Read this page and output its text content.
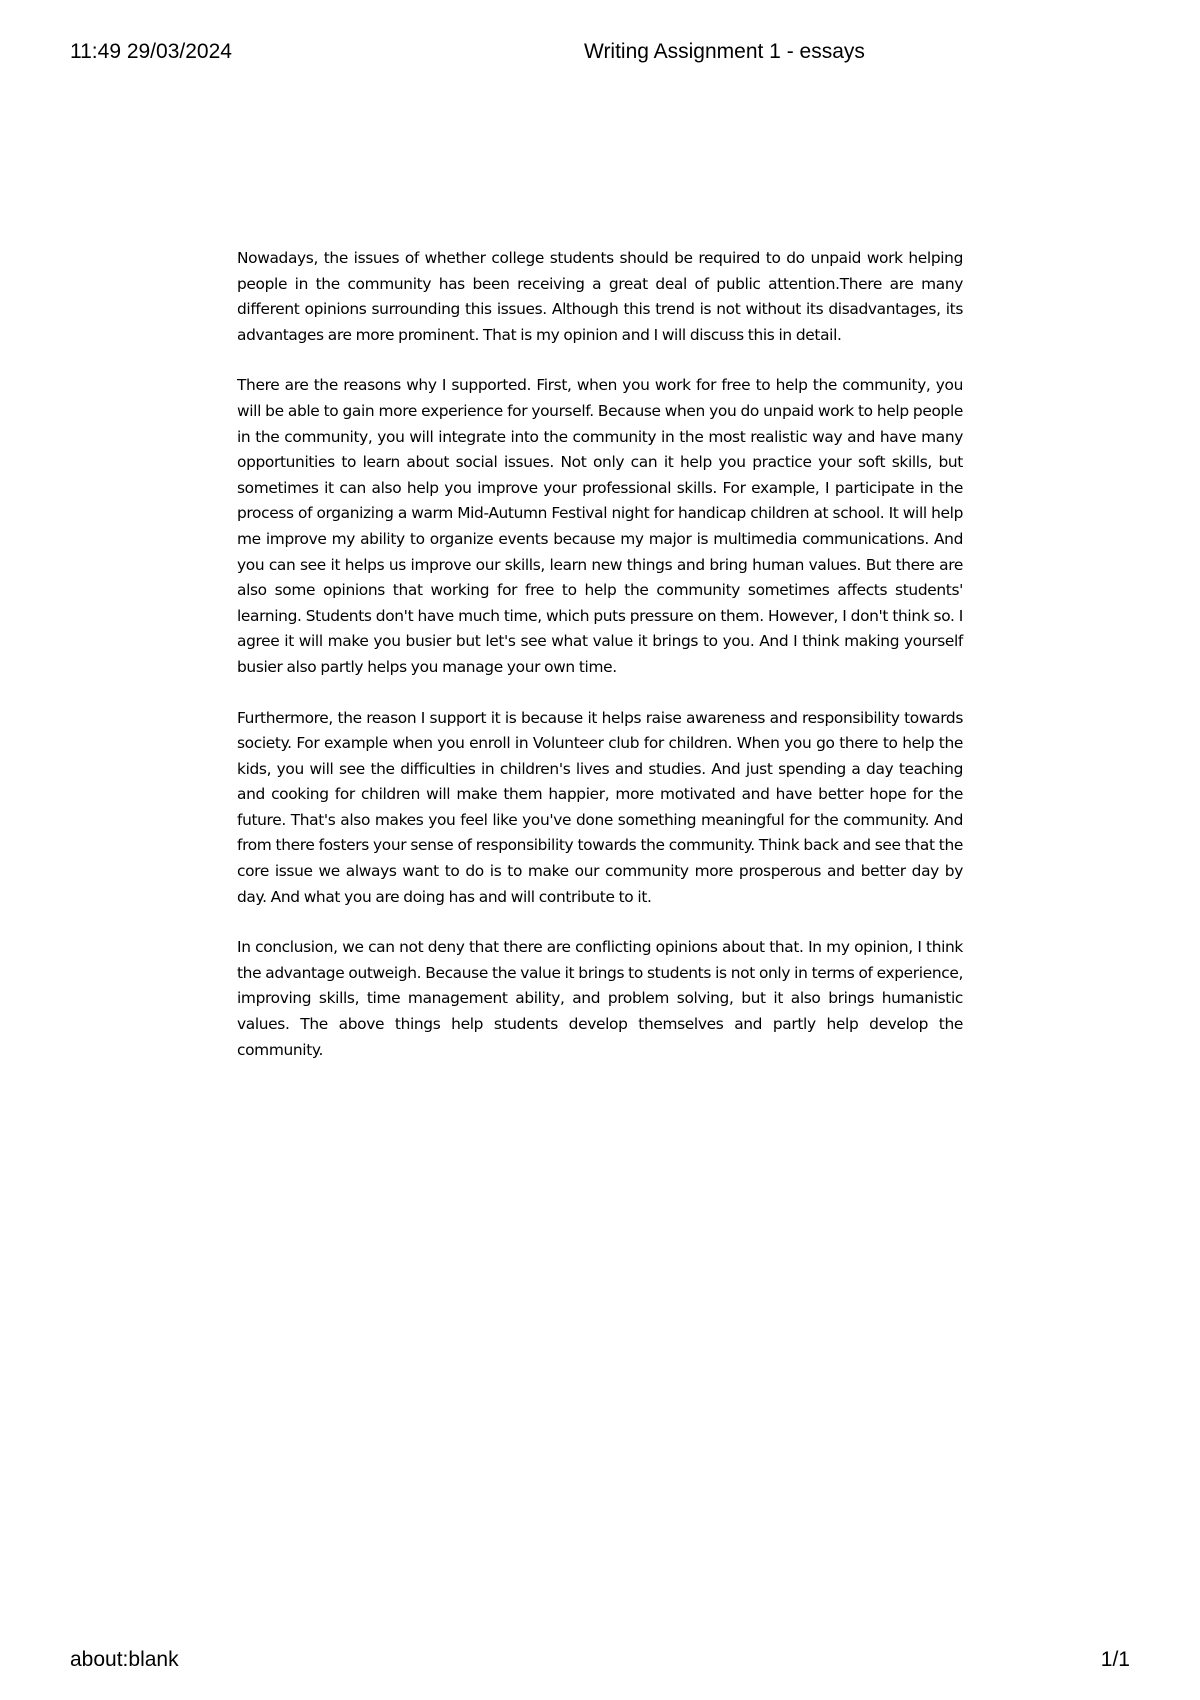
11:49 29/03/2024	Writing Assignment 1 - essays

Nowadays, the issues of whether college students should be required to do unpaid work helping people in the community has been receiving a great deal of public attention.There are many different opinions surrounding this issues. Although this trend is not without its disadvantages, its advantages are more prominent. That is my opinion and I will discuss this in detail.

There are the reasons why I supported. First, when you work for free to help the community, you will be able to gain more experience for yourself. Because when you do unpaid work to help people in the community, you will integrate into the community in the most realistic way and have many opportunities to learn about social issues. Not only can it help you practice your soft skills, but sometimes it can also help you improve your professional skills. For example, I participate in the process of organizing a warm Mid-Autumn Festival night for handicap children at school. It will help me improve my ability to organize events because my major is multimedia communications. And you can see it helps us improve our skills, learn new things and bring human values. But there are also some opinions that working for free to help the community sometimes affects students' learning. Students don't have much time, which puts pressure on them. However, I don't think so. I agree it will make you busier but let's see what value it brings to you. And I think making yourself busier also partly helps you manage your own time.

Furthermore, the reason I support it is because it helps raise awareness and responsibility towards society. For example when you enroll in Volunteer club for children. When you go there to help the kids, you will see the difficulties in children's lives and studies. And just spending a day teaching and cooking for children will make them happier, more motivated and have better hope for the future. That's also makes you feel like you've done something meaningful for the community. And from there fosters your sense of responsibility towards the community. Think back and see that the core issue we always want to do is to make our community more prosperous and better day by day. And what you are doing has and will contribute to it.

In conclusion, we can not deny that there are conflicting opinions about that. In my opinion, I think the advantage outweigh. Because the value it brings to students is not only in terms of experience, improving skills, time management ability, and problem solving, but it also brings humanistic values. The above things help students develop themselves and partly help develop the community.

about:blank	1/1
